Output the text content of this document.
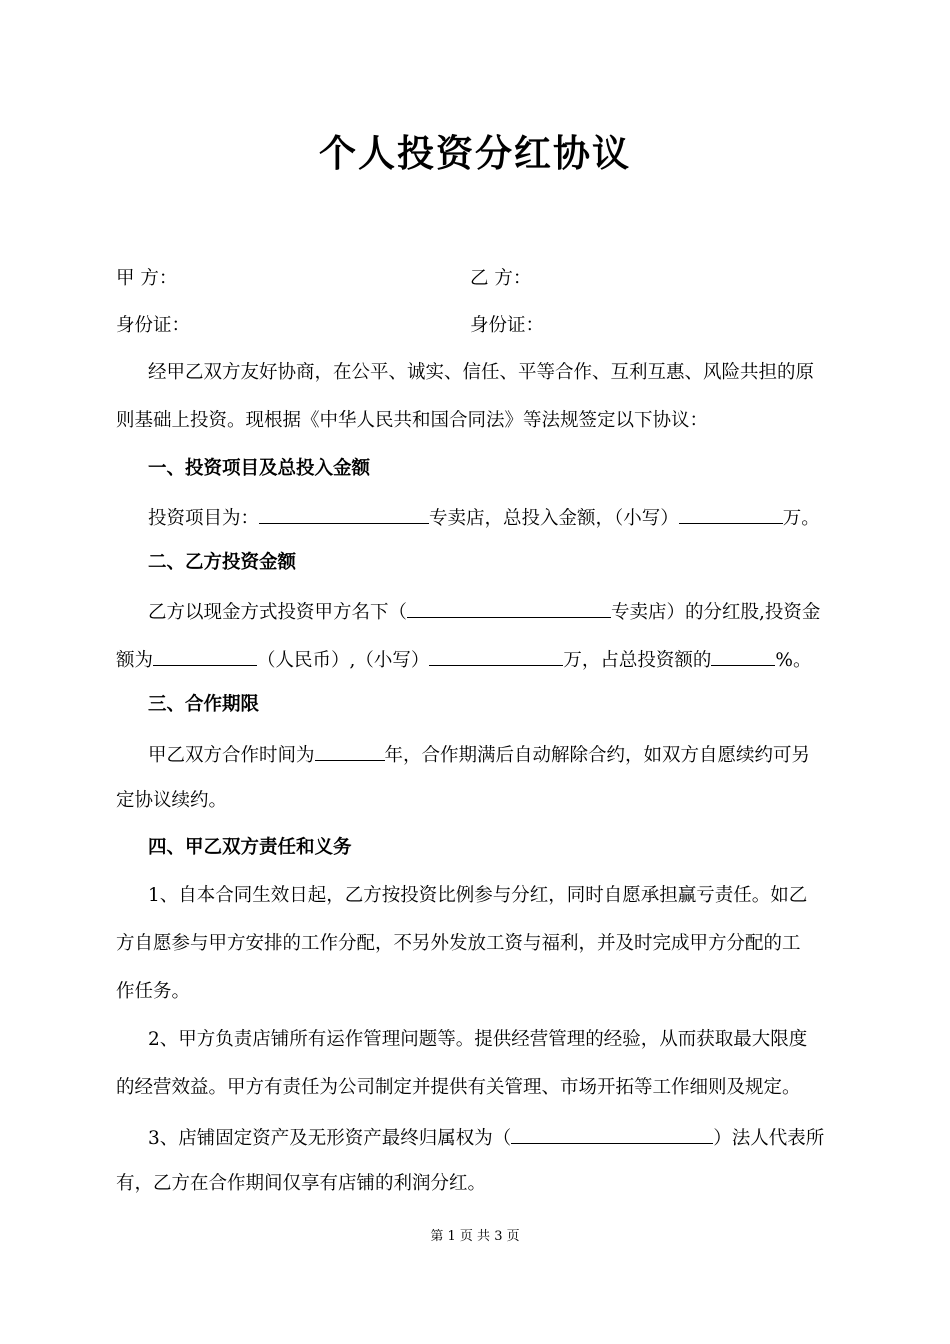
个人投资分红协议
甲 方：	乙 方：
身份证：	身份证：
经甲乙双方友好协商，在公平、诚实、信任、平等合作、互利互惠、风险共担的原
则基础上投资。现根据《中华人民共和国合同法》等法规签定以下协议：
一、投资项目及总投入金额
投资项目为：	专卖店，总投入金额，（小写）	万。
二、乙方投资金额
乙方以现金方式投资甲方名下（	专卖店）的分红股,投资金
额为	（人民币）,（小写）	万，占总投资额的	%。
三、合作期限
甲乙双方合作时间为	年，合作期满后自动解除合约，如双方自愿续约可另
定协议续约。
四、甲乙双方责任和义务
1、自本合同生效日起，乙方按投资比例参与分红，同时自愿承担赢亏责任。如乙
方自愿参与甲方安排的工作分配，不另外发放工资与福利，并及时完成甲方分配的工
作任务。
2、甲方负责店铺所有运作管理问题等。提供经营管理的经验，从而获取最大限度
的经营效益。甲方有责任为公司制定并提供有关管理、市场开拓等工作细则及规定。
3、店铺固定资产及无形资产最终归属权为（	）法人代表所
有，乙方在合作期间仅享有店铺的利润分红。
第 1 页 共 3 页
